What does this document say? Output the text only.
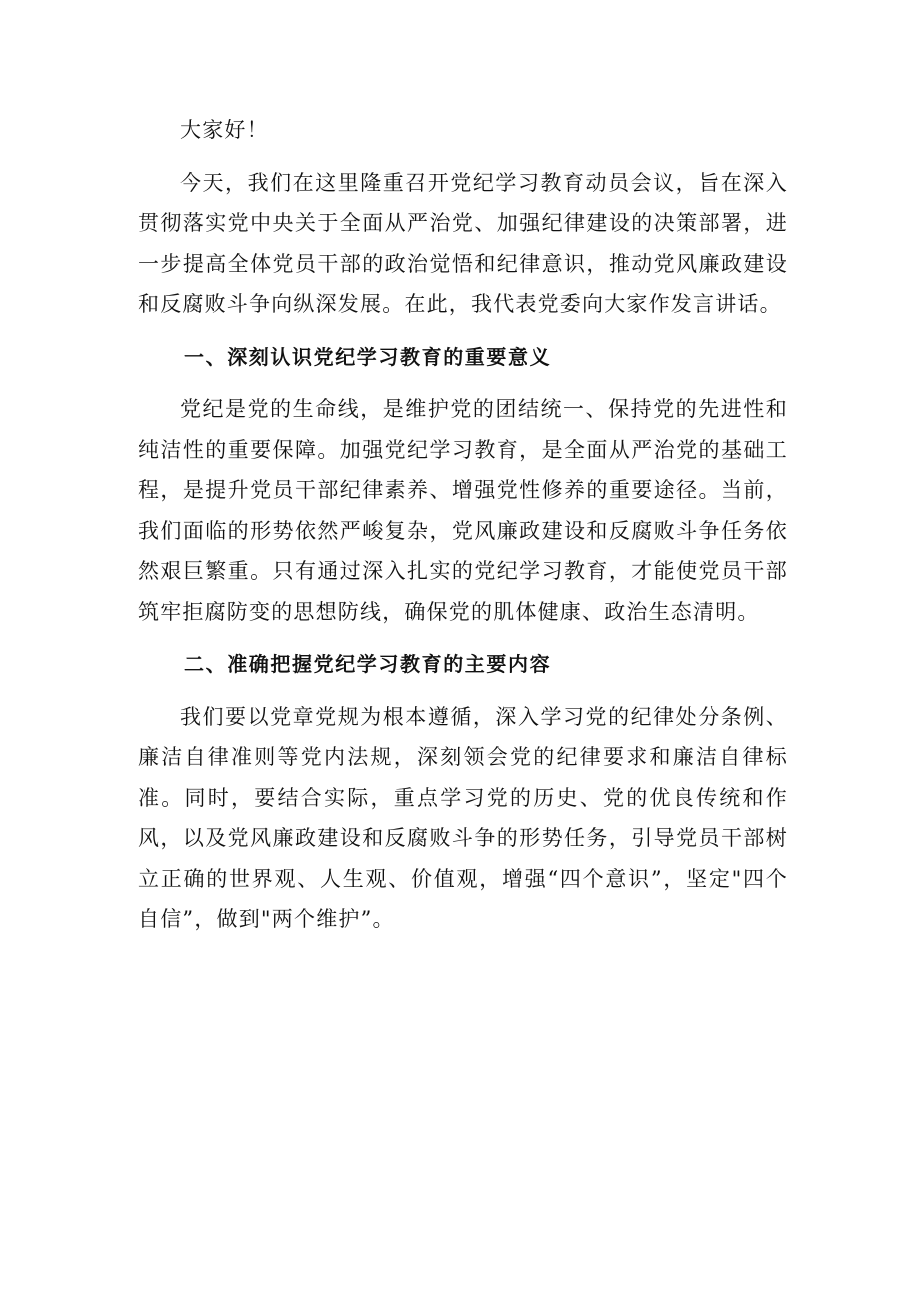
大家好！

今天，我们在这里隆重召开党纪学习教育动员会议，旨在深入贯彻落实党中央关于全面从严治党、加强纪律建设的决策部署，进一步提高全体党员干部的政治觉悟和纪律意识，推动党风廉政建设和反腐败斗争向纵深发展。在此，我代表党委向大家作发言讲话。

一、深刻认识党纪学习教育的重要意义

党纪是党的生命线，是维护党的团结统一、保持党的先进性和纯洁性的重要保障。加强党纪学习教育，是全面从严治党的基础工程，是提升党员干部纪律素养、增强党性修养的重要途径。当前，我们面临的形势依然严峻复杂，党风廉政建设和反腐败斗争任务依然艰巨繁重。只有通过深入扎实的党纪学习教育，才能使党员干部筑牢拒腐防变的思想防线，确保党的肌体健康、政治生态清明。

二、准确把握党纪学习教育的主要内容

我们要以党章党规为根本遵循，深入学习党的纪律处分条例、廉洁自律准则等党内法规，深刻领会党的纪律要求和廉洁自律标准。同时，要结合实际，重点学习党的历史、党的优良传统和作风，以及党风廉政建设和反腐败斗争的形势任务，引导党员干部树立正确的世界观、人生观、价值观，增强“四个意识”，坚定"四个自信”，做到"两个维护”。
